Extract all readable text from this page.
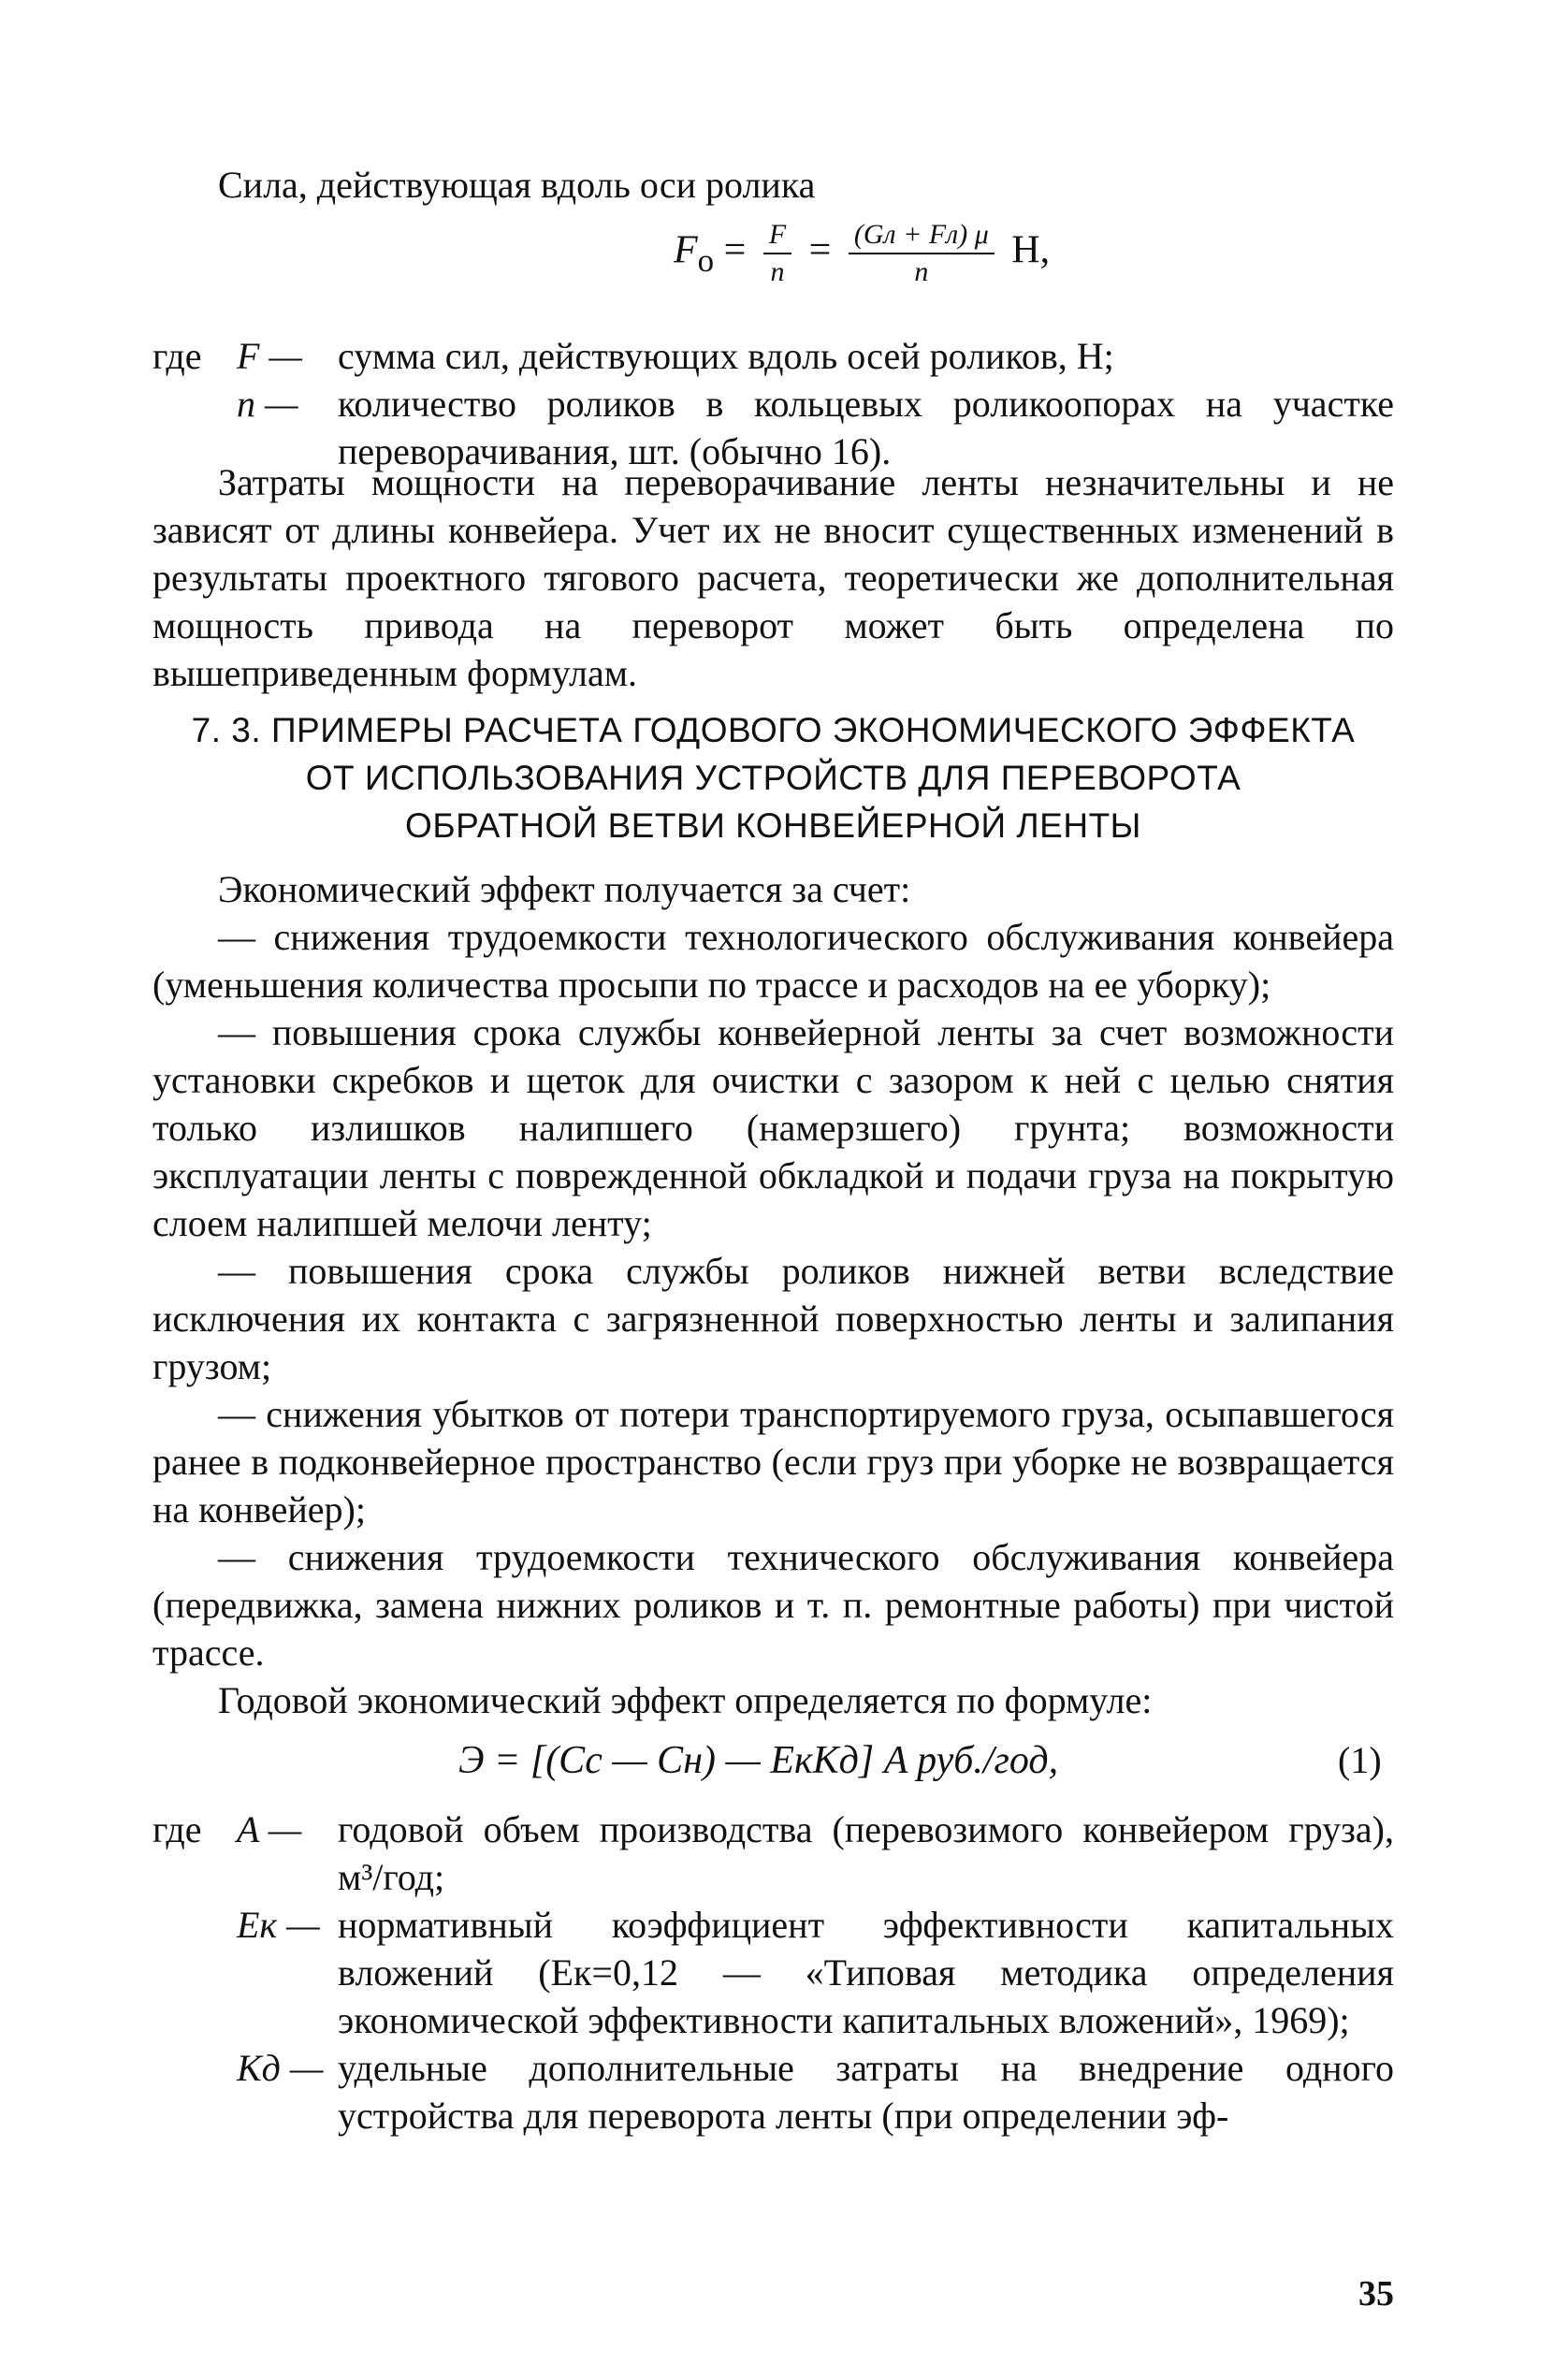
Сила, действующая вдоль оси ролика

$F_о = \frac{F}{n} = \frac{(Gл + Fл) \mu}{n} Н$,
где F — сумма сил, действующих вдоль осей роликов, Н;
n —	количество роликов в кольцевых роликоопорах на участке переворачивания, шт. (обычно 16).

Затраты мощности на переворачивание ленты незначительны и не зависят от длины конвейера. Учет их не вносит существенных изменений в результаты проектного тягового расчета, теоретически же дополнительная мощность привода на переворот может быть определена по вышеприведенным формулам.

7. 3. ПРИМЕРЫ РАСЧЕТА ГОДОВОГО ЭКОНОМИЧЕСКОГО ЭФФЕКТА
ОТ ИСПОЛЬЗОВАНИЯ УСТРОЙСТВ ДЛЯ ПЕРЕВОРОТА
ОБРАТНОЙ ВЕТВИ КОНВЕЙЕРНОЙ ЛЕНТЫ

Экономический эффект получается за счет:

— снижения трудоемкости технологического обслуживания конвейера (уменьшения количества просыпи по трассе и расходов на ее уборку);

— повышения срока службы конвейерной ленты за счет возможности установки скребков и щеток для очистки с зазором к ней с целью снятия только излишков налипшего (намерзшего) грунта; возможности эксплуатации ленты с поврежденной обкладкой и подачи груза на покрытую слоем налипшей мелочи ленту;

— повышения срока службы роликов нижней ветви вследствие исключения их контакта с загрязненной поверхностью ленты и залипания грузом;

— снижения убытков от потери транспортируемого груза, осыпавшегося ранее в подконвейерное пространство (если груз при уборке не возвращается на конвейер);

— снижения трудоемкости технического обслуживания конвейера (передвижка, замена нижних роликов и т. п. ремонтные работы) при чистой трассе.

Годовой экономический эффект определяется по формуле:

Э = [(Cс — Cн) — EкKд] A руб./год,	(1)
где A — годовой объем производства (перевозимого конвейером груза), м³/год;
Eк — нормативный коэффициент эффективности капитальных вложений (Eк=0,12 — «Типовая методика определения экономической эффективности капитальных вложений», 1969);
Kд — удельные дополнительные затраты на внедрение одного устройства для переворота ленты (при определении эф-
35
